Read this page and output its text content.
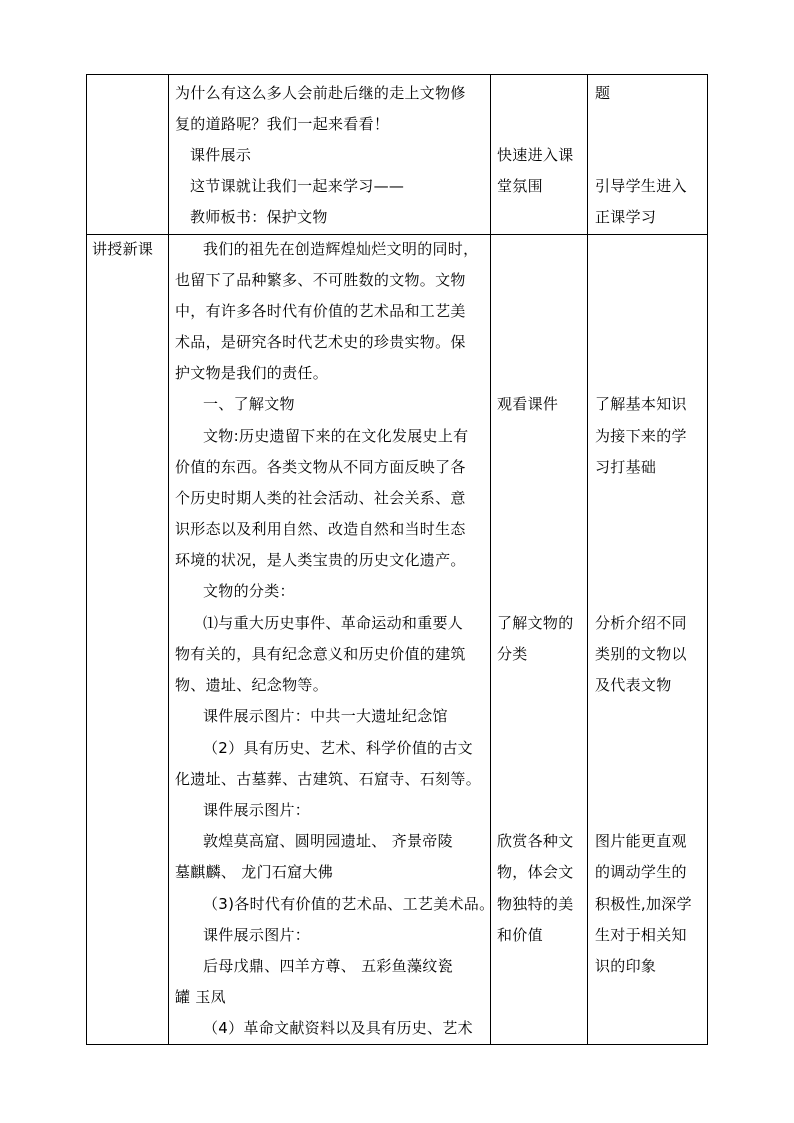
为什么有这么多人会前赴后继的走上文物修
复的道路呢？我们一起来看看！
课件展示
这节课就让我们一起来学习——
教师板书：保护文物
快速进入课
堂氛围
题
引导学生进入
正课学习
讲授新课	我们的祖先在创造辉煌灿烂文明的同时，
也留下了品种繁多、不可胜数的文物。文物
中，有许多各时代有价值的艺术品和工艺美
术品，是研究各时代艺术史的珍贵实物。保
护文物是我们的责任。
一、了解文物
文物:历史遗留下来的在文化发展史上有
价值的东西。各类文物从不同方面反映了各
个历史时期人类的社会活动、社会关系、意
识形态以及利用自然、改造自然和当时生态
环境的状况，是人类宝贵的历史文化遗产。
文物的分类：
⑴与重大历史事件、革命运动和重要人
物有关的，具有纪念意义和历史价值的建筑
物、遗址、纪念物等。
课件展示图片：中共一大遗址纪念馆
（2）具有历史、艺术、科学价值的古文
化遗址、古墓葬、古建筑、石窟寺、石刻等。
课件展示图片：
敦煌莫高窟、圆明园遗址、 齐景帝陵
墓麒麟、 龙门石窟大佛
（3)各时代有价值的艺术品、工艺美术品。
课件展示图片：
后母戊鼎、四羊方尊、 五彩鱼藻纹瓷
罐 玉凤
（4）革命文献资料以及具有历史、艺术
观看课件
了解文物的
分类
欣赏各种文
物，体会文
物独特的美
和价值
了解基本知识
为接下来的学
习打基础
分析介绍不同
类别的文物以
及代表文物
图片能更直观
的调动学生的
积极性,加深学
生对于相关知
识的印象
